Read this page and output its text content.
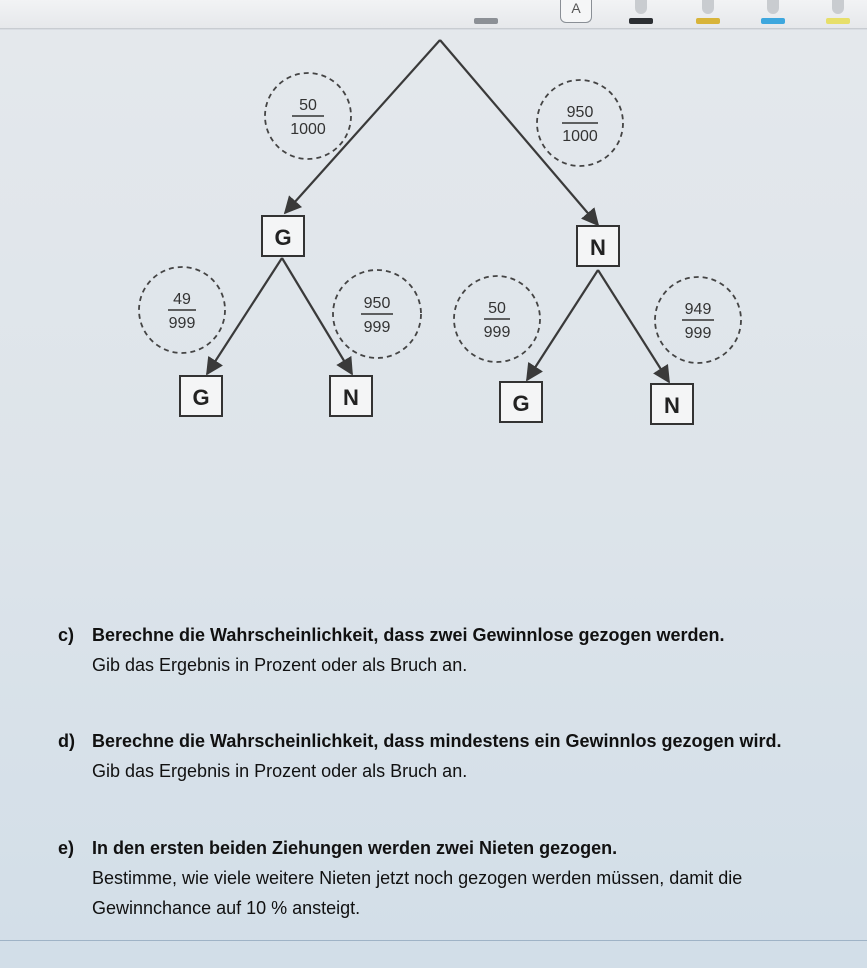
A
50
1000
950
1000
49
999
950
999
50
999
949
999
G	N
G	N	G	N
c) Berechne die Wahrscheinlichkeit, dass zwei Gewinnlose gezogen werden.
Gib das Ergebnis in Prozent oder als Bruch an.
d) Berechne die Wahrscheinlichkeit, dass mindestens ein Gewinnlos gezogen wird.
Gib das Ergebnis in Prozent oder als Bruch an.
e) In den ersten beiden Ziehungen werden zwei Nieten gezogen.
Bestimme, wie viele weitere Nieten jetzt noch gezogen werden müssen, damit die
Gewinnchance auf 10 % ansteigt.
